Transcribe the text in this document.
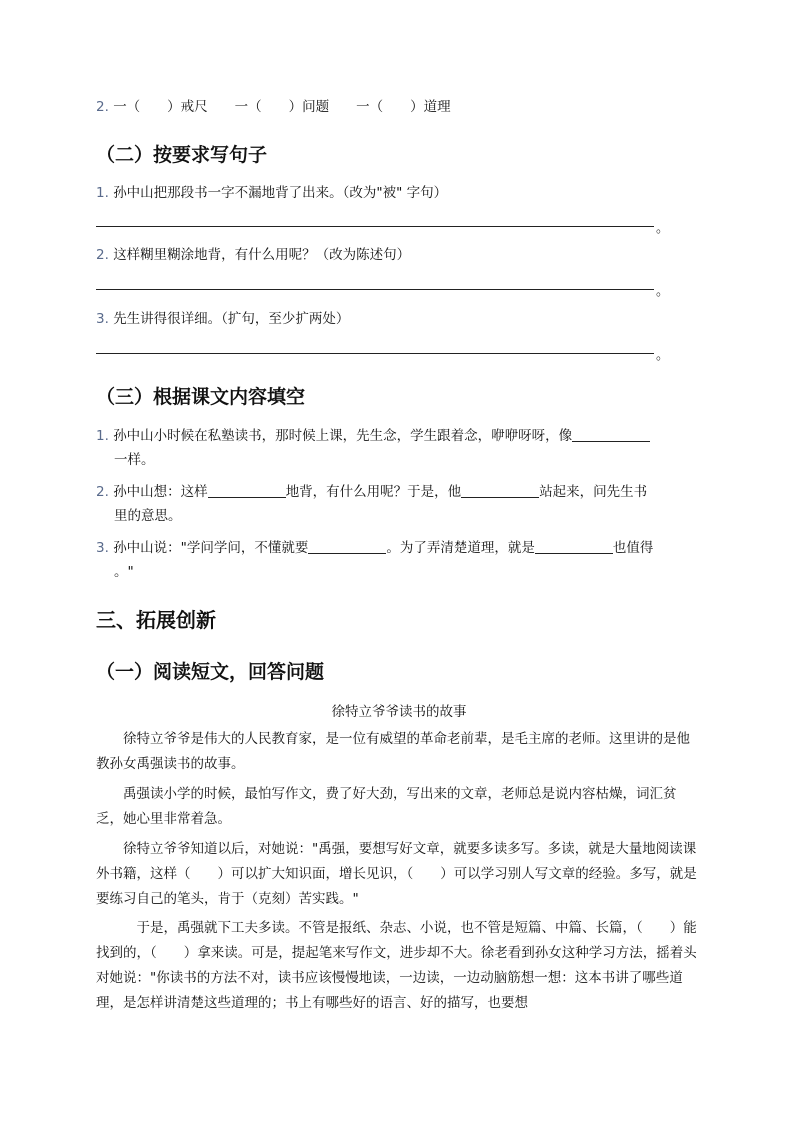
2. 一（　　）戒尺　　一（　　）问题　　一（　　）道理
（二）按要求写句子
1. 孙中山把那段书一字不漏地背了出来。（改为"被" 字句）
。
2. 这样糊里糊涂地背，有什么用呢？（改为陈述句）
。
3. 先生讲得很详细。（扩句，至少扩两处）
。
（三）根据课文内容填空
1. 孙中山小时候在私塾读书，那时候上课，先生念，学生跟着念，咿咿呀呀，像
一样。
2. 孙中山想：这样	地背，有什么用呢？于是，他	站起来，问先生书
里的意思。
3. 孙中山说："学问学问，不懂就要	。为了弄清楚道理，就是	也值得
。"
三、拓展创新
（一）阅读短文，回答问题
徐特立爷爷读书的故事
　　徐特立爷爷是伟大的人民教育家，是一位有威望的革命老前辈，是毛主席的老师。这里讲的是他教孙女禹强读书的故事。
　　禹强读小学的时候，最怕写作文，费了好大劲，写出来的文章，老师总是说内容枯燥，词汇贫乏，她心里非常着急。
　　徐特立爷爷知道以后，对她说："禹强，要想写好文章，就要多读多写。多读，就是大量地阅读课外书籍，这样（　　）可以扩大知识面，增长见识，（　　）可以学习别人写文章的经验。多写，就是要练习自己的笔头，肯于（克刻）苦实践。"
　　　于是，禹强就下工夫多读。不管是报纸、杂志、小说，也不管是短篇、中篇、长篇，（　　）能找到的，（　　）拿来读。可是，提起笔来写作文，进步却不大。徐老看到孙女这种学习方法，摇着头对她说："你读书的方法不对，读书应该慢慢地读，一边读，一边动脑筋想一想：这本书讲了哪些道理，是怎样讲清楚这些道理的；书上有哪些好的语言、好的描写，也要想
